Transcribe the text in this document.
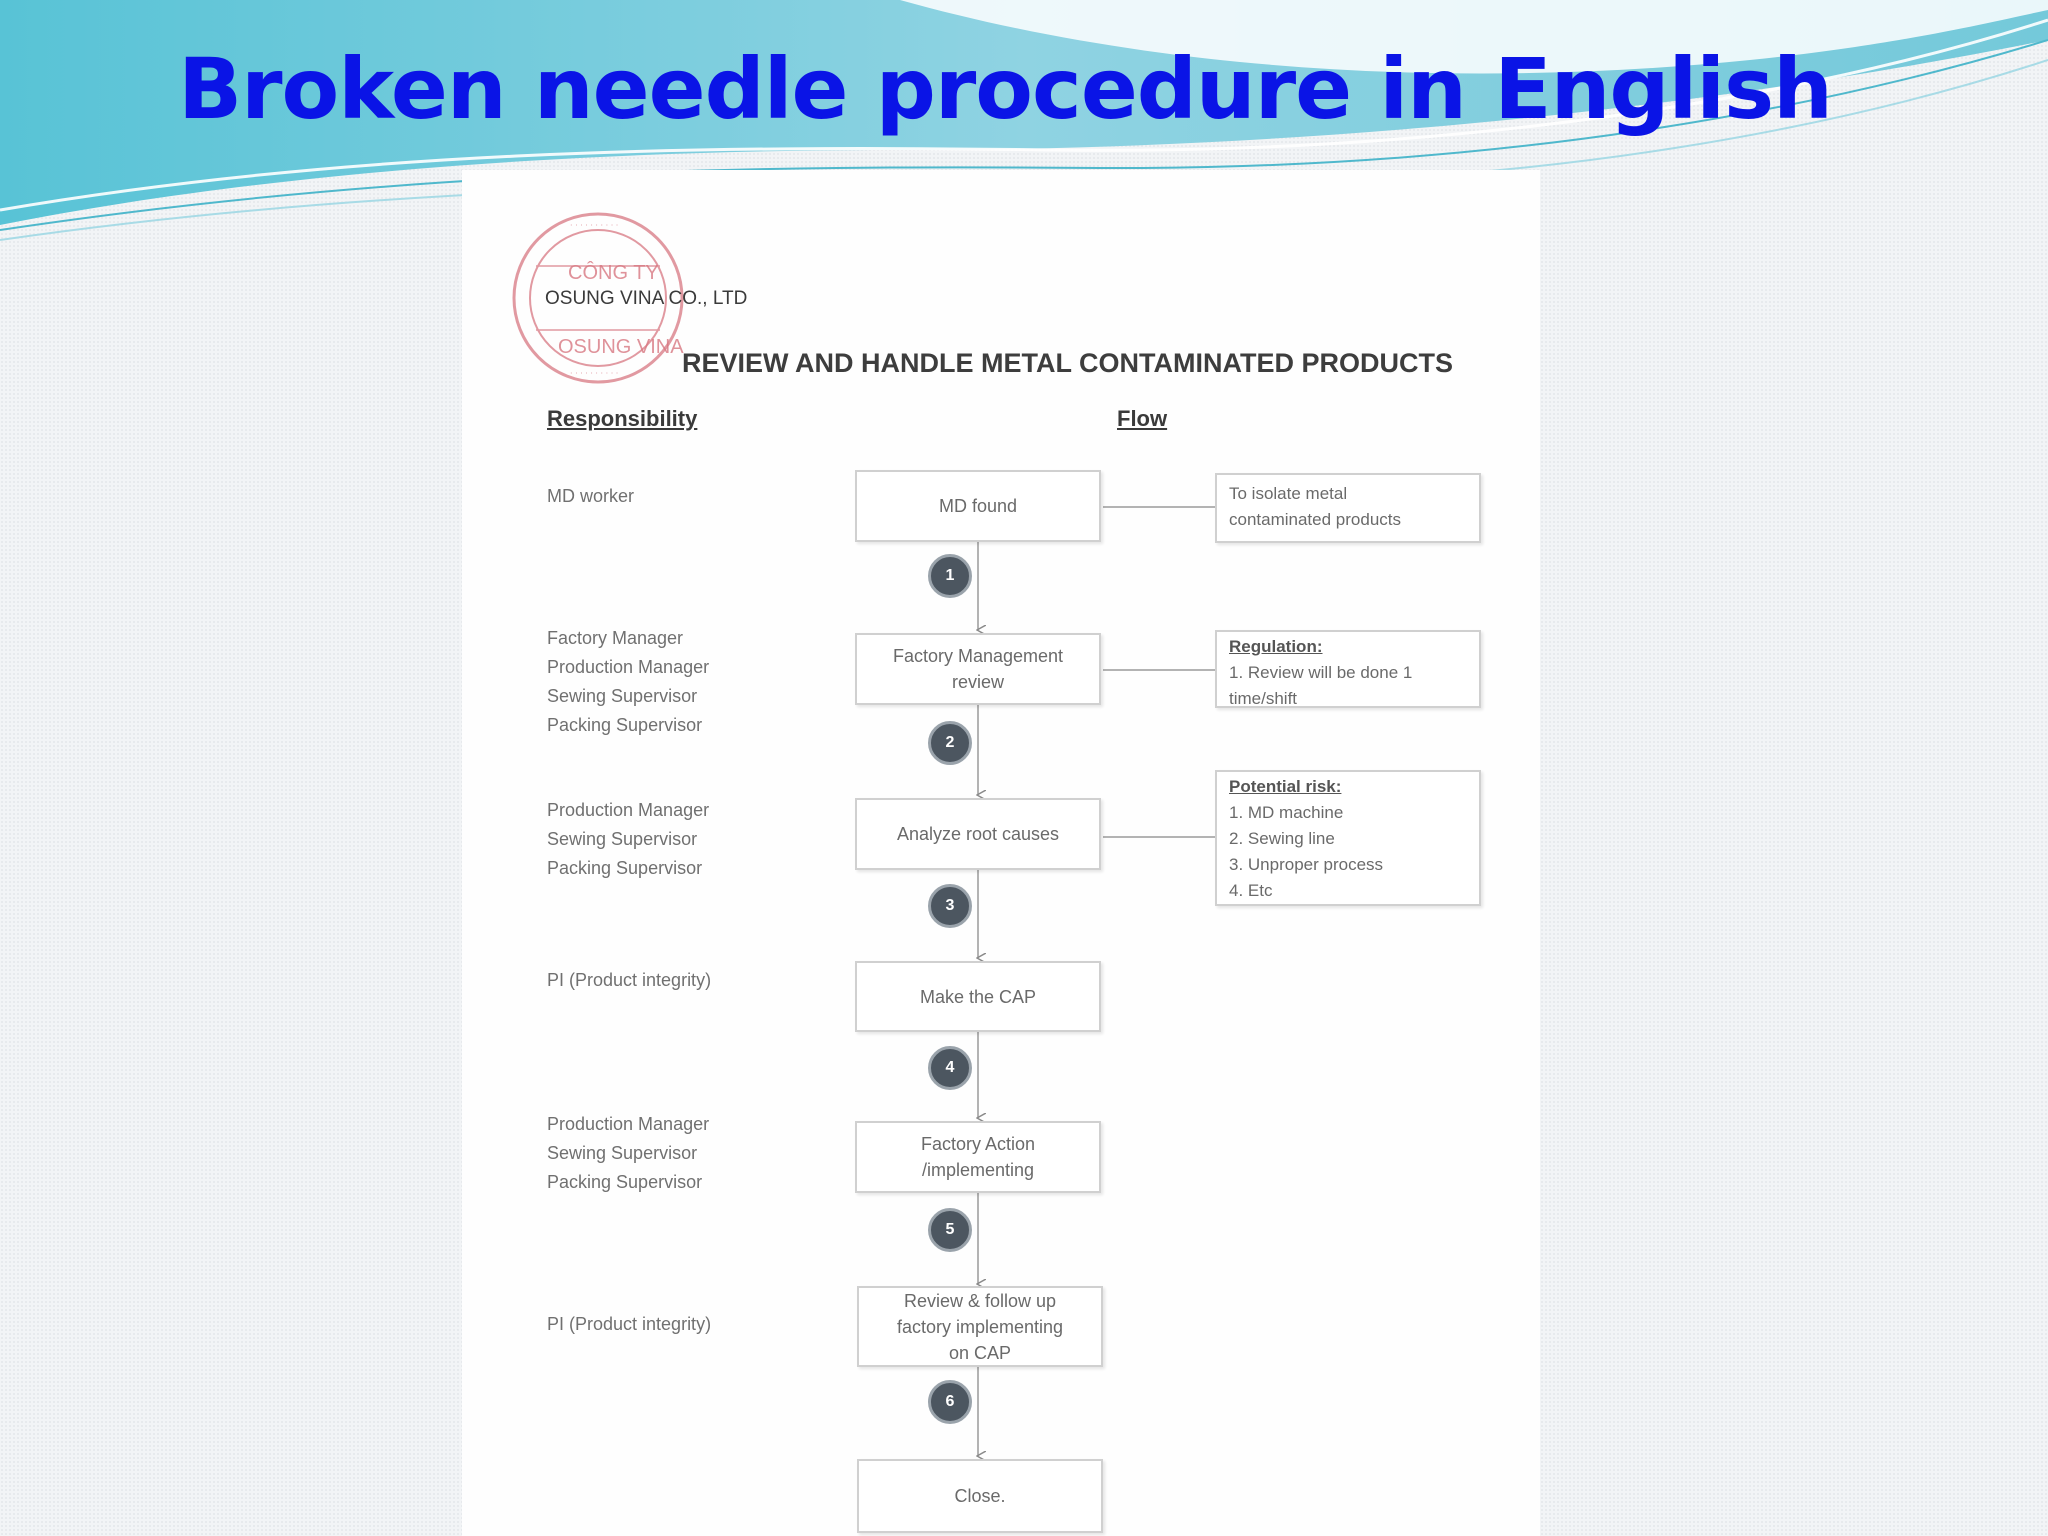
Broken needle procedure in English
· · · · · · · · · ·
· · · · · · · · · ·
CÔNG TY
OSUNG VINA
OSUNG VINA CO., LTD
REVIEW AND HANDLE METAL CONTAMINATED PRODUCTS
Responsibility	Flow
MD worker
Factory Manager
Production Manager
Sewing Supervisor
Packing Supervisor
Production Manager
Sewing Supervisor
Packing Supervisor
PI (Product integrity)
Production Manager
Sewing Supervisor
Packing Supervisor
PI (Product integrity)
MD found
Factory Management
review
Analyze root causes
Make the CAP
Factory Action
/implementing
Review & follow up
factory implementing
on CAP
Close.
1
2
3
4
5
6
To isolate metal
contaminated products
Regulation:
1. Review will be done 1
time/shift
Potential risk:
1. MD machine
2. Sewing line
3. Unproper process
4. Etc
